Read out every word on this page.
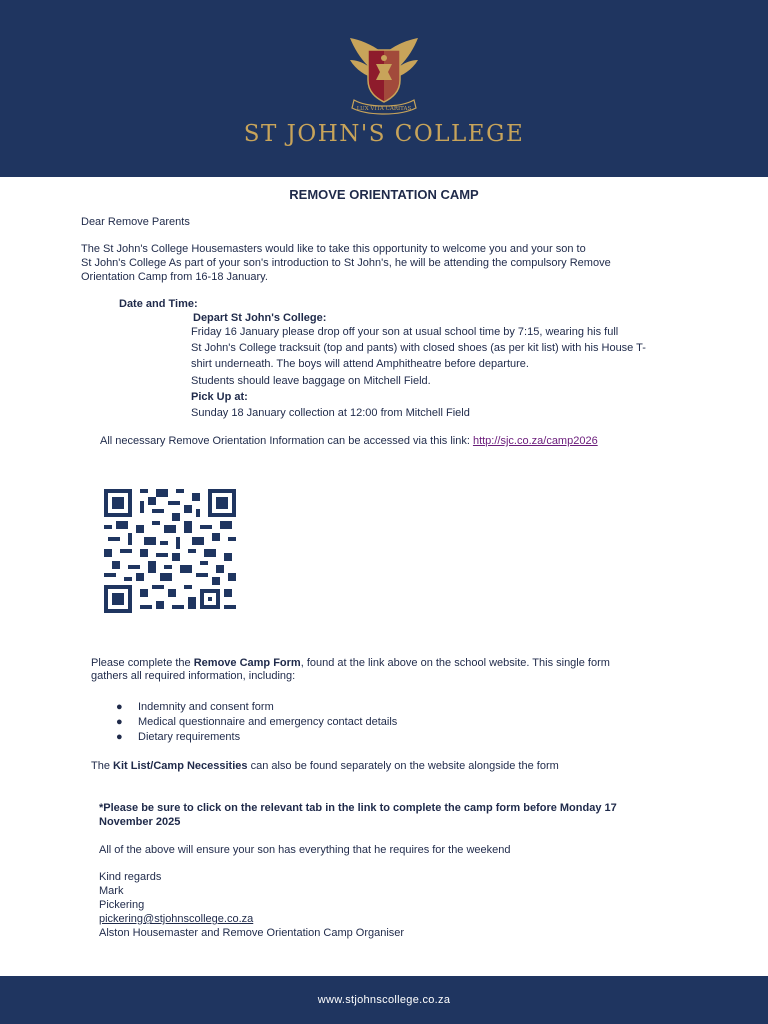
LUX VITA CARITAS
ST JOHN'S COLLEGE
REMOVE ORIENTATION CAMP
Dear Remove Parents
The St John's College Housemasters would like to take this opportunity to welcome you and your son to
St John's College As part of your son's introduction to St John's, he will be attending the compulsory Remove
Orientation Camp from 16-18 January.
Date and Time:
Depart St John's College:
Friday 16 January please drop off your son at usual school time by 7:15, wearing his full
St John's College tracksuit (top and pants) with closed shoes (as per kit list) with his House T-
shirt underneath. The boys will attend Amphitheatre before departure.
Students should leave baggage on Mitchell Field.
Pick Up at:
Sunday 18 January collection at 12:00 from Mitchell Field
All necessary Remove Orientation Information can be accessed via this link: http://sjc.co.za/camp2026
Please complete the Remove Camp Form, found at the link above on the school website. This single form
gathers all required information, including:
● Indemnity and consent form
● Medical questionnaire and emergency contact details
● Dietary requirements
The Kit List/Camp Necessities can also be found separately on the website alongside the form
*Please be sure to click on the relevant tab in the link to complete the camp form before Monday 17
November 2025
All of the above will ensure your son has everything that he requires for the weekend
Kind regards
Mark
Pickering
pickering@stjohnscollege.co.za
Alston Housemaster and Remove Orientation Camp Organiser
www.stjohnscollege.co.za
